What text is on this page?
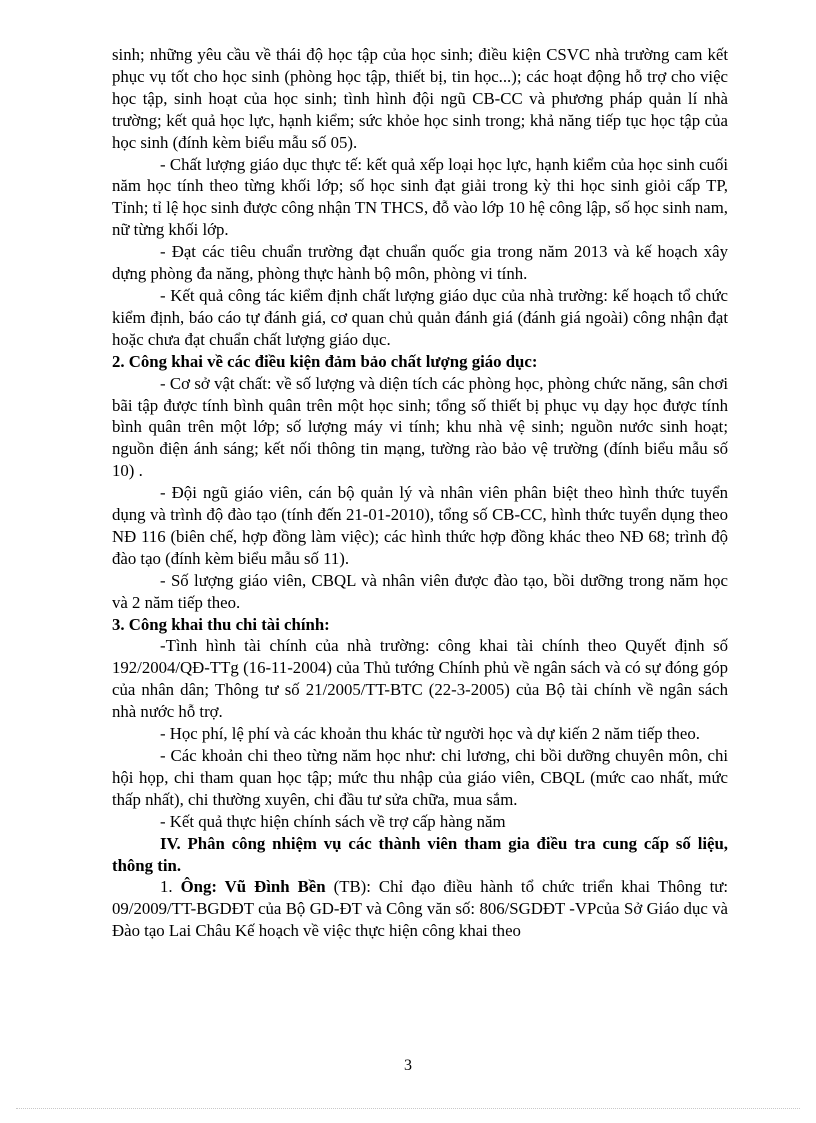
sinh; những yêu cầu về thái độ học tập của học sinh; điều kiện CSVC nhà trường cam kết phục vụ tốt cho học sinh (phòng học tập, thiết bị, tin học...); các hoạt động hỗ trợ cho việc học tập, sinh hoạt của học sinh; tình hình đội ngũ CB-CC và phương pháp quản lí nhà trường; kết quả học lực, hạnh kiểm; sức khỏe học sinh trong; khả năng tiếp tục học tập của học sinh (đính kèm biểu mẫu số 05).

- Chất lượng giáo dục thực tế: kết quả xếp loại học lực, hạnh kiểm của học sinh cuối năm học tính theo từng khối lớp; số học sinh đạt giải trong kỳ thi học sinh giỏi cấp TP, Tỉnh; tỉ lệ học sinh được công nhận TN THCS, đỗ vào lớp 10 hệ công lập, số học sinh nam, nữ từng khối lớp.

- Đạt các tiêu chuẩn trường đạt chuẩn quốc gia trong năm 2013 và kế hoạch xây dựng phòng đa năng, phòng thực hành bộ môn, phòng vi tính.

- Kết quả công tác kiểm định chất lượng giáo dục của nhà trường: kế hoạch tổ chức kiểm định, báo cáo tự đánh giá, cơ quan chủ quản đánh giá (đánh giá ngoài) công nhận đạt hoặc chưa đạt chuẩn chất lượng giáo dục.

2. Công khai về các điều kiện đảm bảo chất lượng giáo dục:

- Cơ sở vật chất: về số lượng và diện tích các phòng học, phòng chức năng, sân chơi bãi tập được tính bình quân trên một học sinh; tổng số thiết bị phục vụ dạy học được tính bình quân trên một lớp; số lượng máy vi tính; khu nhà vệ sinh; nguồn nước sinh hoạt; nguồn điện ánh sáng; kết nối thông tin mạng, tường rào bảo vệ trường (đính biểu mẫu số 10) .

- Đội ngũ giáo viên, cán bộ quản lý và nhân viên phân biệt theo hình thức tuyển dụng và trình độ đào tạo (tính đến 21-01-2010), tổng số CB-CC, hình thức tuyển dụng theo NĐ 116 (biên chế, hợp đồng làm việc); các hình thức hợp đồng khác theo NĐ 68; trình độ đào tạo (đính kèm biểu mẫu số 11).

- Số lượng giáo viên, CBQL và nhân viên được đào tạo, bồi dưỡng trong năm học và 2 năm tiếp theo.

3. Công khai thu chi tài chính:

-Tình hình tài chính của nhà trường: công khai tài chính theo Quyết định số 192/2004/QĐ-TTg (16-11-2004) của Thủ tướng Chính phủ về ngân sách và có sự đóng góp của nhân dân; Thông tư số 21/2005/TT-BTC (22-3-2005) của Bộ tài chính về ngân sách nhà nước hỗ trợ.

- Học phí, lệ phí và các khoản thu khác từ người học và dự kiến 2 năm tiếp theo.

- Các khoản chi theo từng năm học như: chi lương, chi bồi dưỡng chuyên môn, chi hội họp, chi tham quan học tập; mức thu nhập của giáo viên, CBQL (mức cao nhất, mức thấp nhất), chi thường xuyên, chi đầu tư sửa chữa, mua sắm.

- Kết quả thực hiện chính sách về trợ cấp hàng năm

IV. Phân công nhiệm vụ các thành viên tham gia điều tra cung cấp số liệu, thông tin.

1. Ông: Vũ Đình Bền (TB): Chỉ đạo điều hành tổ chức triển khai Thông tư: 09/2009/TT-BGDĐT của Bộ GD-ĐT và Công văn số: 806/SGDĐT -VPcủa Sở Giáo dục và Đào tạo Lai Châu Kế hoạch về việc thực hiện công khai theo

3
